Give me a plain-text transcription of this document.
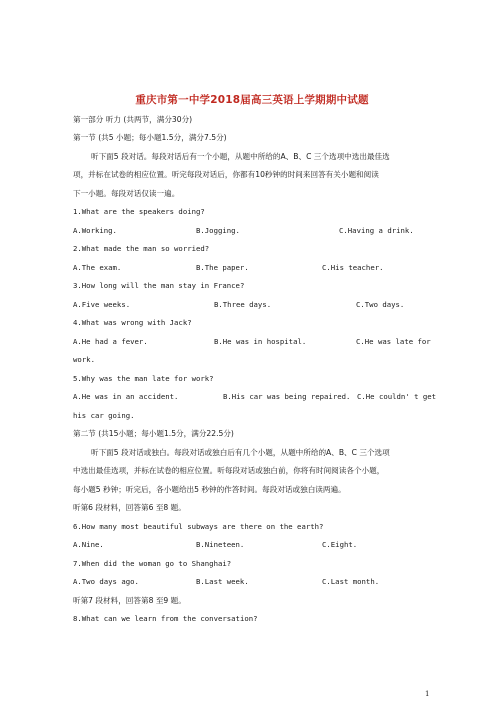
重庆市第一中学2018届高三英语上学期期中试题
第一部分 听力 (共两节，满分30分)
第一节 (共5 小题；每小题1.5分，满分7.5分)
听下面5 段对话。每段对话后有一个小题，从题中所给的A、B、C 三个选项中选出最佳选
项，并标在试卷的相应位置。听完每段对话后，你都有10秒钟的时间来回答有关小题和阅读
下一小题。每段对话仅读一遍。
1.What are the speakers doing?
A.Working.	B.Jogging.	C.Having a drink.
2.What made the man so worried?
A.The exam.	B.The paper.	C.His teacher.
3.How long will the man stay in France?
A.Five weeks.	B.Three days.	C.Two days.
4.What was wrong with Jack?
A.He had a fever.	B.He was in hospital.	C.He was late for
work.
5.Why was the man late for work?
A.He was in an accident.	B.His car was being repaired. C.He couldn' t get
his car going.
第二节 (共15小题；每小题1.5分，满分22.5分)
听下面5 段对话或独白。每段对话或独白后有几个小题，从题中所给的A、B、C 三个选项
中选出最佳选项，并标在试卷的相应位置。听每段对话或独白前，你将有时间阅读各个小题，
每小题5 秒钟；听完后，各小题给出5 秒钟的作答时间。每段对话或独白读两遍。
听第6 段材料，回答第6 至8 题。
6.How many most beautiful subways are there on the earth?
A.Nine.	B.Nineteen.	C.Eight.
7.When did the woman go to Shanghai?
A.Two days ago.	B.Last week.	C.Last month.
听第7 段材料，回答第8 至9 题。
8.What can we learn from the conversation?
1
